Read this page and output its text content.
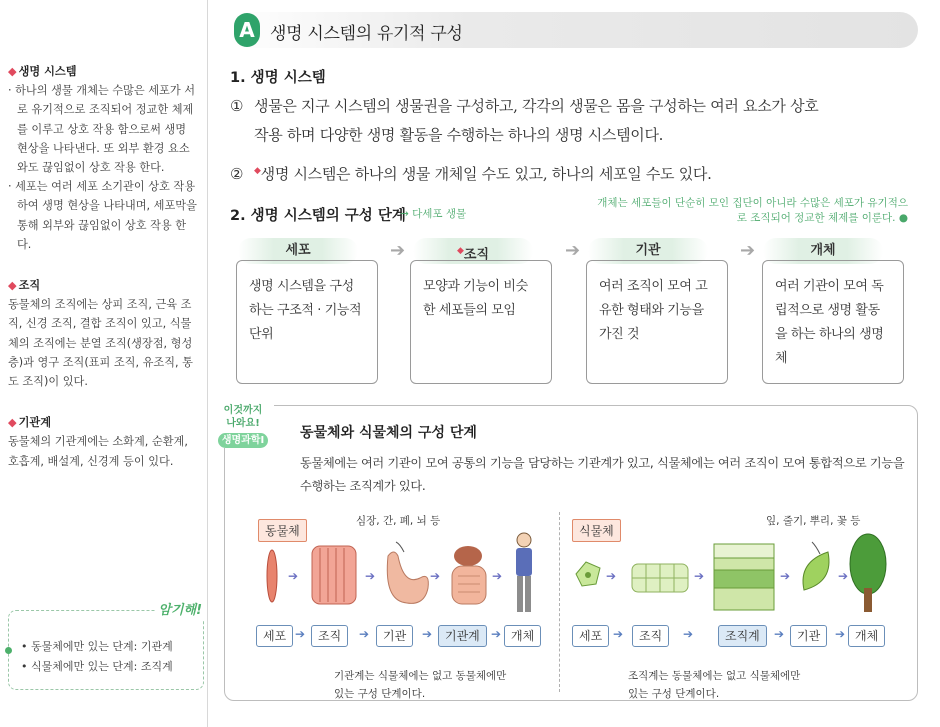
◆ 생명 시스템
· 하나의 생물 개체는 수많은 세포가 서로 유기적으로 조직되어 정교한 체제를 이루고 상호 작용 함으로써 생명 현상을 나타낸다. 또 외부 환경 요소와도 끊임없이 상호 작용 한다.
· 세포는 여러 세포 소기관이 상호 작용 하여 생명 현상을 나타내며, 세포막을 통해 외부와 끊임없이 상호 작용 한다.
◆ 조직
동물체의 조직에는 상피 조직, 근육 조직, 신경 조직, 결합 조직이 있고, 식물체의 조직에는 분열 조직(생장점, 형성층)과 영구 조직(표피 조직, 유조직, 통도 조직)이 있다.
◆ 기관계
동물체의 기관계에는 소화계, 순환계, 호흡계, 배설계, 신경계 등이 있다.
암기해!
• 동물체에만 있는 단계: 기관계
• 식물체에만 있는 단계: 조직계
A 생명 시스템의 유기적 구성
1. 생명 시스템
① 생물은 지구 시스템의 생물권을 구성하고, 각각의 생물은 몸을 구성하는 여러 요소가 상호
작용 하며 다양한 생명 활동을 수행하는 하나의 생명 시스템이다.
② ◆생명 시스템은 하나의 생물 개체일 수도 있고, 하나의 세포일 수도 있다.
2. 생명 시스템의 구성 단계
→ 다세포 생물
개체는 세포들이 단순히 모인 집단이 아니라 수많은 세포가 유기적으로 조직되어 정교한 체제를 이룬다. ●
세포	◆조직	기관	개체
➔	➔	➔
생명 시스템을 구성하는 구조적 · 기능적 단위
모양과 기능이 비슷한 세포들의 모임
여러 조직이 모여 고유한 형태와 기능을 가진 것
여러 기관이 모여 독립적으로 생명 활동을 하는 하나의 생명체
이것까지
나와요!
생명과학Ⅰ	동물체와 식물체의 구성 단계
동물체에는 여러 기관이 모여 공통의 기능을 담당하는 기관계가 있고, 식물체에는 여러 조직이 모여 통합적으로 기능을 수행하는 조직계가 있다.
동물체
심장, 간, 폐, 뇌 등
➔	➔	➔	➔
세포 ➔	조직	➔	기관	➔	기관계 ➔ 개체
기관계는 식물체에는 없고 동물체에만
있는 구성 단계이다.
식물체
잎, 줄기, 뿌리, 꽃 등
➔	➔	➔	➔
세포 ➔	조직	➔	조직계	➔	기관	➔ 개체
조직계는 동물체에는 없고 식물체에만
있는 구성 단계이다.
